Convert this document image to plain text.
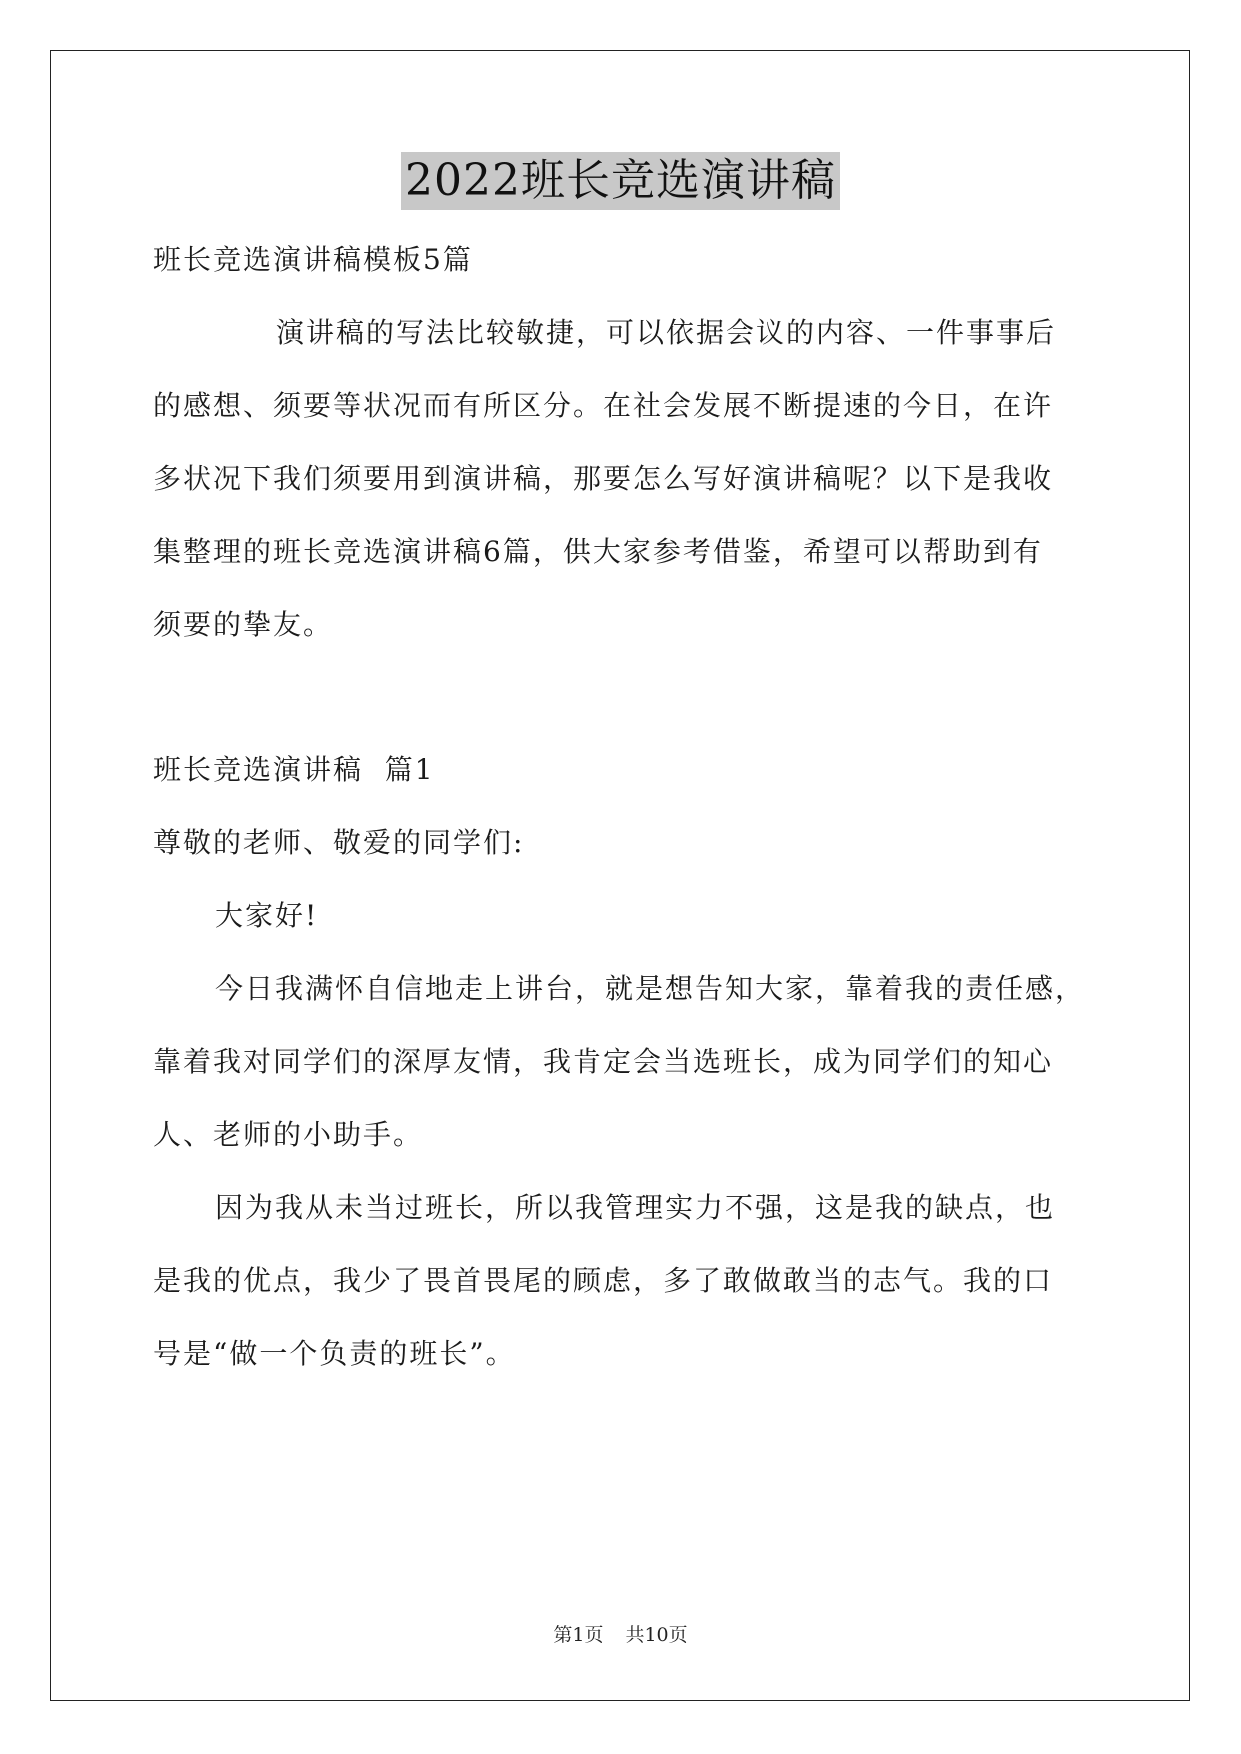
2022班长竞选演讲稿
班长竞选演讲稿模板5篇
演讲稿的写法比较敏捷，可以依据会议的内容、一件事事后
的感想、须要等状况而有所区分。在社会发展不断提速的今日，在许
多状况下我们须要用到演讲稿，那要怎么写好演讲稿呢？以下是我收
集整理的班长竞选演讲稿6篇，供大家参考借鉴，希望可以帮助到有
须要的挚友。
班长竞选演讲稿  篇1
尊敬的老师、敬爱的同学们:
大家好!
今日我满怀自信地走上讲台，就是想告知大家，靠着我的责任感，
靠着我对同学们的深厚友情，我肯定会当选班长，成为同学们的知心
人、老师的小助手。
因为我从未当过班长，所以我管理实力不强，这是我的缺点，也
是我的优点，我少了畏首畏尾的顾虑，多了敢做敢当的志气。我的口
号是“做一个负责的班长”。
第1页 共10页
